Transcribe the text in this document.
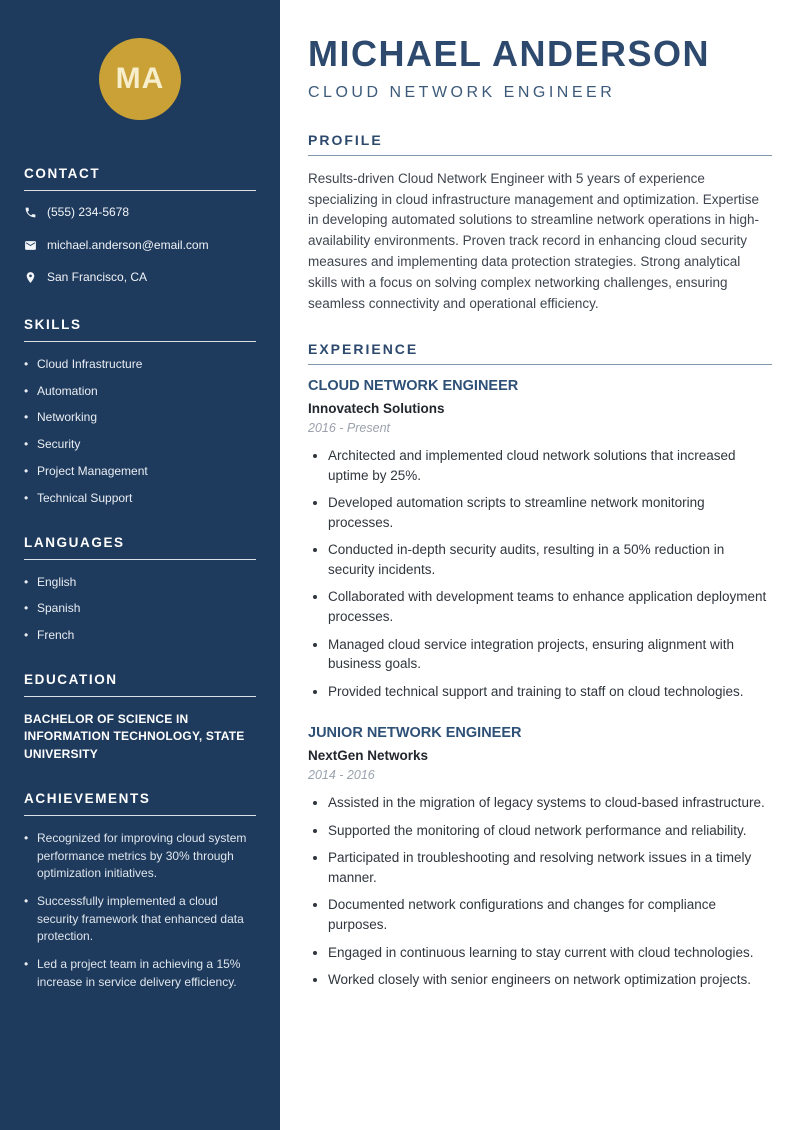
MA
CONTACT
(555) 234-5678
michael.anderson@email.com
San Francisco, CA
SKILLS
• Cloud Infrastructure
• Automation
• Networking
• Security
• Project Management
• Technical Support
LANGUAGES
• English
• Spanish
• French
EDUCATION
BACHELOR OF SCIENCE IN INFORMATION TECHNOLOGY, STATE UNIVERSITY
ACHIEVEMENTS
• Recognized for improving cloud system performance metrics by 30% through optimization initiatives.
• Successfully implemented a cloud security framework that enhanced data protection.
• Led a project team in achieving a 15% increase in service delivery efficiency.
MICHAEL ANDERSON
CLOUD NETWORK ENGINEER
PROFILE

Results-driven Cloud Network Engineer with 5 years of experience specializing in cloud infrastructure management and optimization. Expertise in developing automated solutions to streamline network operations in high-availability environments. Proven track record in enhancing cloud security measures and implementing data protection strategies. Strong analytical skills with a focus on solving complex networking challenges, ensuring seamless connectivity and operational efficiency.

EXPERIENCE
CLOUD NETWORK ENGINEER
Innovatech Solutions
2016 - Present
• Architected and implemented cloud network solutions that increased uptime by 25%.
• Developed automation scripts to streamline network monitoring processes.
• Conducted in-depth security audits, resulting in a 50% reduction in security incidents.
• Collaborated with development teams to enhance application deployment processes.
• Managed cloud service integration projects, ensuring alignment with business goals.
• Provided technical support and training to staff on cloud technologies.
JUNIOR NETWORK ENGINEER
NextGen Networks
2014 - 2016
• Assisted in the migration of legacy systems to cloud-based infrastructure.
• Supported the monitoring of cloud network performance and reliability.
• Participated in troubleshooting and resolving network issues in a timely manner.
• Documented network configurations and changes for compliance purposes.
• Engaged in continuous learning to stay current with cloud technologies.
• Worked closely with senior engineers on network optimization projects.
